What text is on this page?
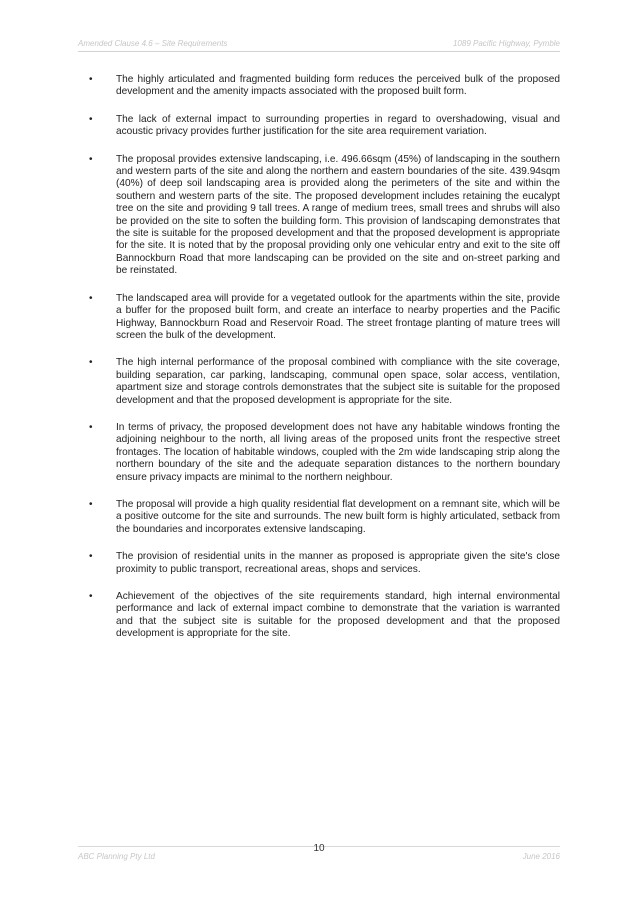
Amended Clause 4.6 – Site Requirements	1089 Pacific Highway, Pymble
• The highly articulated and fragmented building form reduces the perceived bulk of the proposed development and the amenity impacts associated with the proposed built form.
• The lack of external impact to surrounding properties in regard to overshadowing, visual and acoustic privacy provides further justification for the site area requirement variation.
• The proposal provides extensive landscaping, i.e. 496.66sqm (45%) of landscaping in the southern and western parts of the site and along the northern and eastern boundaries of the site. 439.94sqm (40%) of deep soil landscaping area is provided along the perimeters of the site and within the southern and western parts of the site. The proposed development includes retaining the eucalypt tree on the site and providing 9 tall trees. A range of medium trees, small trees and shrubs will also be provided on the site to soften the building form. This provision of landscaping demonstrates that the site is suitable for the proposed development and that the proposed development is appropriate for the site. It is noted that by the proposal providing only one vehicular entry and exit to the site off Bannockburn Road that more landscaping can be provided on the site and on-street parking and be reinstated.
• The landscaped area will provide for a vegetated outlook for the apartments within the site, provide a buffer for the proposed built form, and create an interface to nearby properties and the Pacific Highway, Bannockburn Road and Reservoir Road. The street frontage planting of mature trees will screen the bulk of the development.
• The high internal performance of the proposal combined with compliance with the site coverage, building separation, car parking, landscaping, communal open space, solar access, ventilation, apartment size and storage controls demonstrates that the subject site is suitable for the proposed development and that the proposed development is appropriate for the site.
• In terms of privacy, the proposed development does not have any habitable windows fronting the adjoining neighbour to the north, all living areas of the proposed units front the respective street frontages. The location of habitable windows, coupled with the 2m wide landscaping strip along the northern boundary of the site and the adequate separation distances to the northern boundary ensure privacy impacts are minimal to the northern neighbour.
• The proposal will provide a high quality residential flat development on a remnant site, which will be a positive outcome for the site and surrounds. The new built form is highly articulated, setback from the boundaries and incorporates extensive landscaping.
• The provision of residential units in the manner as proposed is appropriate given the site's close proximity to public transport, recreational areas, shops and services.
• Achievement of the objectives of the site requirements standard, high internal environmental performance and lack of external impact combine to demonstrate that the variation is warranted and that the subject site is suitable for the proposed development and that the proposed development is appropriate for the site.
ABC Planning Pty Ltd
10
June 2016
